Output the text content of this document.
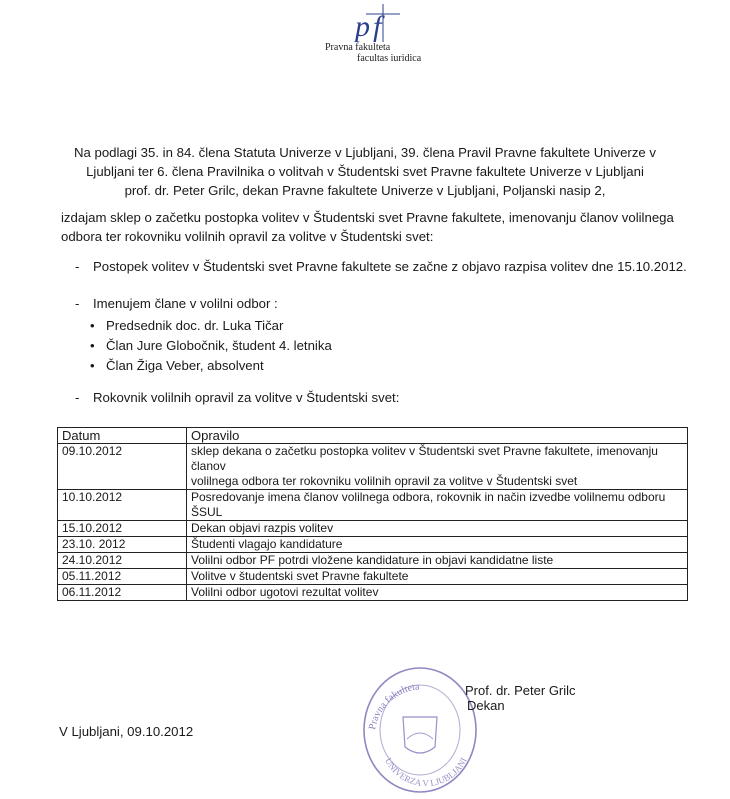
p f
Pravna fakulteta
facultas iuridica
Na podlagi 35. in 84. člena Statuta Univerze v Ljubljani, 39. člena Pravil Pravne fakultete Univerze v
Ljubljani ter 6. člena Pravilnika o volitvah v Študentski svet Pravne fakultete Univerze v Ljubljani
prof. dr. Peter Grilc, dekan Pravne fakultete Univerze v Ljubljani, Poljanski nasip 2,
izdajam sklep o začetku postopka volitev v Študentski svet Pravne fakultete, imenovanju članov volilnega
odbora ter rokovniku volilnih opravil za volitve v Študentski svet:
- Postopek volitev v Študentski svet Pravne fakultete se začne z objavo razpisa volitev dne 15.10.2012.
- Imenujem člane v volilni odbor :
• Predsednik doc. dr. Luka Tičar
• Član Jure Globočnik, študent 4. letnika
• Član Žiga Veber, absolvent
- Rokovnik volilnih opravil za volitve v Študentski svet:
Datum	Opravilo
09.10.2012	sklep dekana o začetku postopka volitev v Študentski svet Pravne fakultete, imenovanju članov
volilnega odbora ter rokovniku volilnih opravil za volitve v Študentski svet

10.10.2012	Posredovanje imena članov volilnega odbora, rokovnik in način izvedbe volilnemu odboru ŠSUL
15.10.2012	Dekan objavi razpis volitev
23.10. 2012	Študenti vlagajo kandidature
24.10.2012	Volilni odbor PF potrdi vložene kandidature in objavi kandidatne liste
05.11.2012	Volitve v študentski svet Pravne fakultete
06.11.2012	Volilni odbor ugotovi rezultat volitev
Pravna fakulteta
UNIVERZA V LJUBLJANI
Prof. dr. Peter Grilc
Dekan
V Ljubljani, 09.10.2012
